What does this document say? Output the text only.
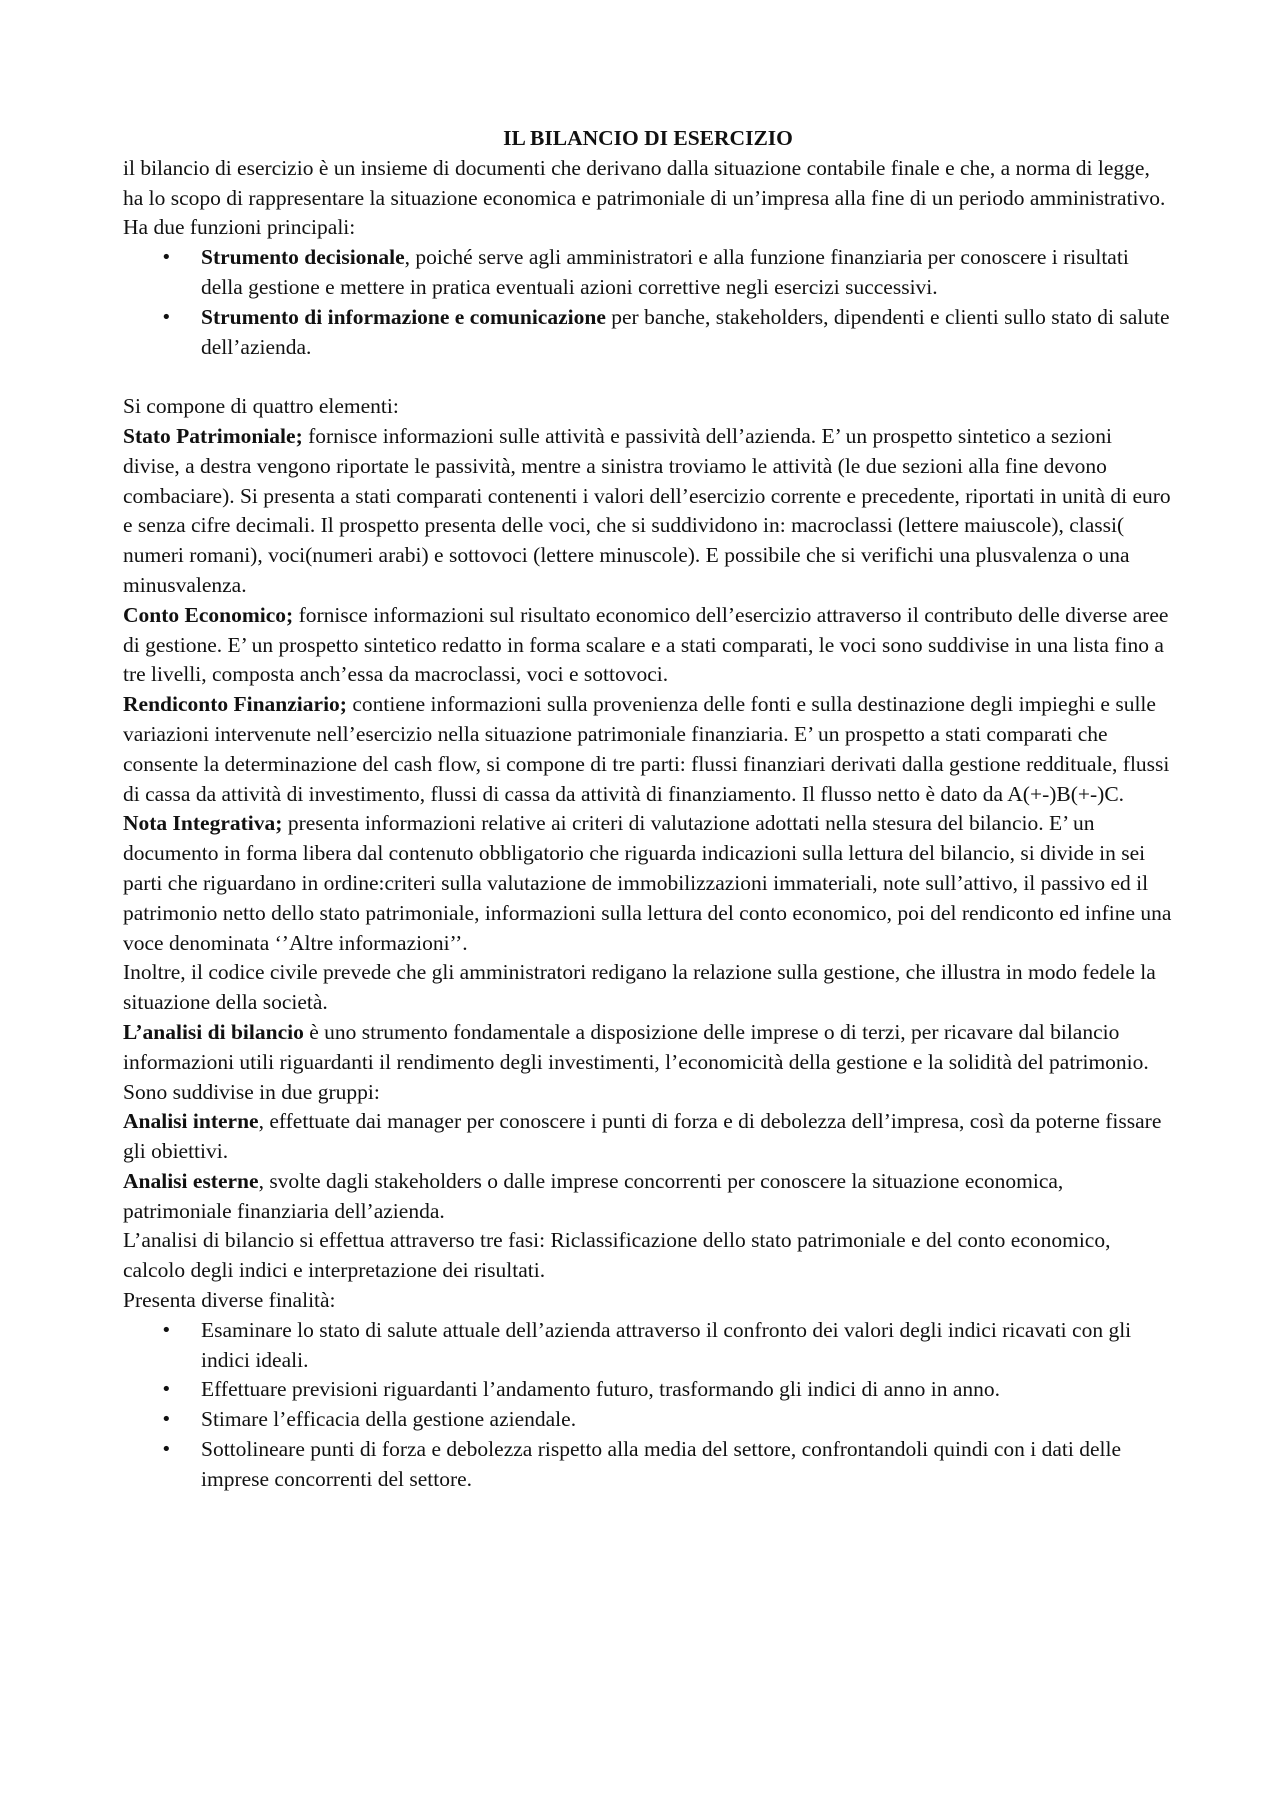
IL BILANCIO DI ESERCIZIO

il bilancio di esercizio è un insieme di documenti che derivano dalla situazione contabile finale e che, a norma di legge, ha lo scopo di rappresentare la situazione economica e patrimoniale di un’impresa alla fine di un periodo amministrativo. Ha due funzioni principali:

• Strumento decisionale, poiché serve agli amministratori e alla funzione finanziaria per conoscere i risultati della gestione e mettere in pratica eventuali azioni correttive negli esercizi successivi.
• Strumento di informazione e comunicazione per banche, stakeholders, dipendenti e clienti sullo stato di salute dell’azienda.

Si compone di quattro elementi:

Stato Patrimoniale; fornisce informazioni sulle attività e passività dell’azienda. E’ un prospetto sintetico a sezioni divise, a destra vengono riportate le passività, mentre a sinistra troviamo le attività (le due sezioni alla fine devono combaciare). Si presenta a stati comparati contenenti i valori dell’esercizio corrente e precedente, riportati in unità di euro e senza cifre decimali. Il prospetto presenta delle voci, che si suddividono in: macroclassi (lettere maiuscole), classi( numeri romani), voci(numeri arabi) e sottovoci (lettere minuscole). E possibile che si verifichi una plusvalenza o una minusvalenza.

Conto Economico; fornisce informazioni sul risultato economico dell’esercizio attraverso il contributo delle diverse aree di gestione. E’ un prospetto sintetico redatto in forma scalare e a stati comparati, le voci sono suddivise in una lista fino a tre livelli, composta anch’essa da macroclassi, voci e sottovoci.

Rendiconto Finanziario; contiene informazioni sulla provenienza delle fonti e sulla destinazione degli impieghi e sulle variazioni intervenute nell’esercizio nella situazione patrimoniale finanziaria. E’ un prospetto a stati comparati che consente la determinazione del cash flow, si compone di tre parti: flussi finanziari derivati dalla gestione reddituale, flussi di cassa da attività di investimento, flussi di cassa da attività di finanziamento. Il flusso netto è dato da A(+-)B(+-)C.

Nota Integrativa; presenta informazioni relative ai criteri di valutazione adottati nella stesura del bilancio. E’ un documento in forma libera dal contenuto obbligatorio che riguarda indicazioni sulla lettura del bilancio, si divide in sei parti che riguardano in ordine:criteri sulla valutazione de immobilizzazioni immateriali, note sull’attivo, il passivo ed il patrimonio netto dello stato patrimoniale, informazioni sulla lettura del conto economico, poi del rendiconto ed infine una voce denominata ‘’Altre informazioni’’.

Inoltre, il codice civile prevede che gli amministratori redigano la relazione sulla gestione, che illustra in modo fedele la situazione della società.

L’analisi di bilancio è uno strumento fondamentale a disposizione delle imprese o di terzi, per ricavare dal bilancio informazioni utili riguardanti il rendimento degli investimenti, l’economicità della gestione e la solidità del patrimonio. Sono suddivise in due gruppi:

Analisi interne, effettuate dai manager per conoscere i punti di forza e di debolezza dell’impresa, così da poterne fissare gli obiettivi.

Analisi esterne, svolte dagli stakeholders o dalle imprese concorrenti per conoscere la situazione economica, patrimoniale finanziaria dell’azienda.

L’analisi di bilancio si effettua attraverso tre fasi: Riclassificazione dello stato patrimoniale e del conto economico, calcolo degli indici e interpretazione dei risultati.

Presenta diverse finalità:

• Esaminare lo stato di salute attuale dell’azienda attraverso il confronto dei valori degli indici ricavati con gli indici ideali.
• Effettuare previsioni riguardanti l’andamento futuro, trasformando gli indici di anno in anno.
• Stimare l’efficacia della gestione aziendale.
• Sottolineare punti di forza e debolezza rispetto alla media del settore, confrontandoli quindi con i dati delle imprese concorrenti del settore.
